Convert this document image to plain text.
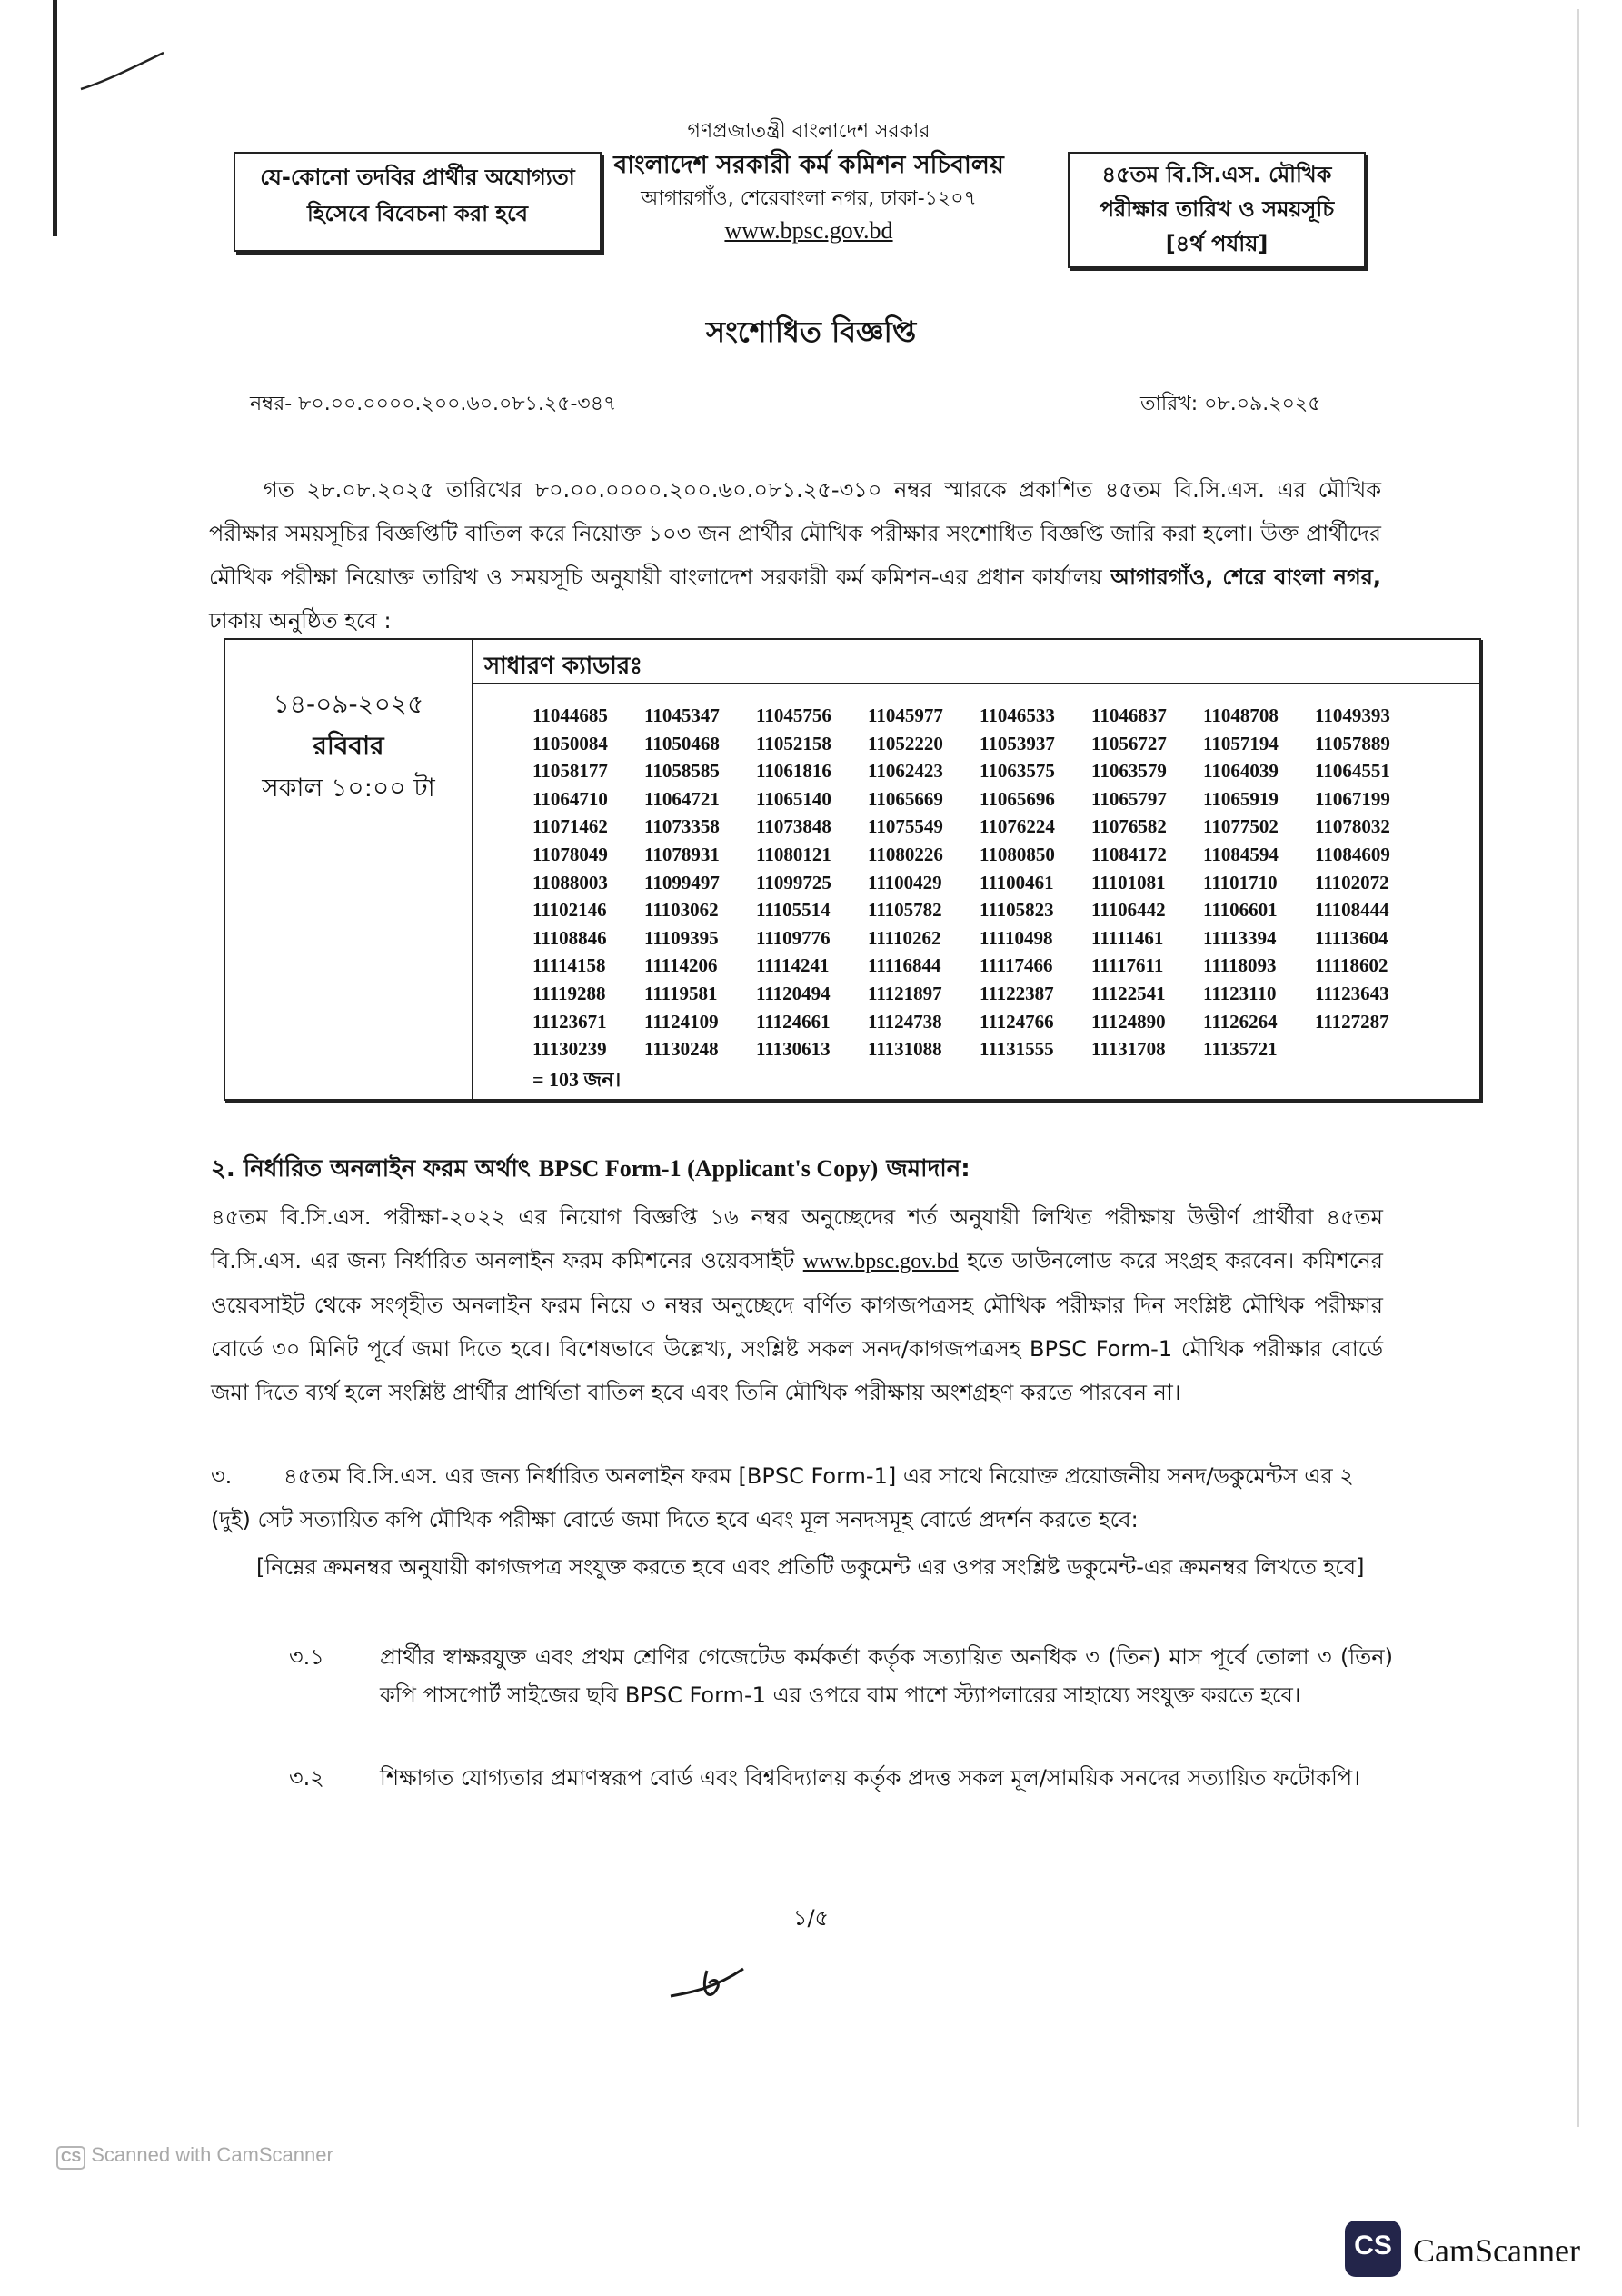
যে-কোনো তদবির প্রার্থীর অযোগ্যতা
হিসেবে বিবেচনা করা হবে
গণপ্রজাতন্ত্রী বাংলাদেশ সরকার
বাংলাদেশ সরকারী কর্ম কমিশন সচিবালয়
আগারগাঁও, শেরেবাংলা নগর, ঢাকা-১২০৭
www.bpsc.gov.bd
৪৫তম বি.সি.এস. মৌখিক
পরীক্ষার তারিখ ও সময়সূচি
[৪র্থ পর্যায়]
সংশোধিত বিজ্ঞপ্তি
নম্বর- ৮০.০০.০০০০.২০০.৬০.০৮১.২৫-৩৪৭	তারিখ: ০৮.০৯.২০২৫
গত ২৮.০৮.২০২৫ তারিখের ৮০.০০.০০০০.২০০.৬০.০৮১.২৫-৩১০ নম্বর স্মারকে প্রকাশিত ৪৫তম বি.সি.এস. এর মৌখিক পরীক্ষার সময়সূচির বিজ্ঞপ্তিটি বাতিল করে নিয়োক্ত ১০৩ জন প্রার্থীর মৌখিক পরীক্ষার সংশোধিত বিজ্ঞপ্তি জারি করা হলো। উক্ত প্রার্থীদের মৌখিক পরীক্ষা নিয়োক্ত তারিখ ও সময়সূচি অনুযায়ী বাংলাদেশ সরকারী কর্ম কমিশন-এর প্রধান কার্যালয় আগারগাঁও, শেরে বাংলা নগর, ঢাকায় অনুষ্ঠিত হবে :
সাধারণ ক্যাডারঃ
১৪-০৯-২০২৫
রবিবার
সকাল ১০:০০ টা
11044685	11045347	11045756	11045977	11046533	11046837	11048708	11049393
11050084	11050468	11052158	11052220	11053937	11056727	11057194	11057889
11058177	11058585	11061816	11062423	11063575	11063579	11064039	11064551
11064710	11064721	11065140	11065669	11065696	11065797	11065919	11067199
11071462	11073358	11073848	11075549	11076224	11076582	11077502	11078032
11078049	11078931	11080121	11080226	11080850	11084172	11084594	11084609
11088003	11099497	11099725	11100429	11100461	11101081	11101710	11102072
11102146	11103062	11105514	11105782	11105823	11106442	11106601	11108444
11108846	11109395	11109776	11110262	11110498	11111461	11113394	11113604
11114158	11114206	11114241	11116844	11117466	11117611	11118093	11118602
11119288	11119581	11120494	11121897	11122387	11122541	11123110	11123643
11123671	11124109	11124661	11124738	11124766	11124890	11126264	11127287
11130239	11130248	11130613	11131088	11131555	11131708	11135721
= 103 জন।
২. নির্ধারিত অনলাইন ফরম অর্থাৎ BPSC Form-1 (Applicant's Copy) জমাদান:
৪৫তম বি.সি.এস. পরীক্ষা-২০২২ এর নিয়োগ বিজ্ঞপ্তি ১৬ নম্বর অনুচ্ছেদের শর্ত অনুযায়ী লিখিত পরীক্ষায় উত্তীর্ণ প্রার্থীরা ৪৫তম বি.সি.এস. এর জন্য নির্ধারিত অনলাইন ফরম কমিশনের ওয়েবসাইট www.bpsc.gov.bd হতে ডাউনলোড করে সংগ্রহ করবেন। কমিশনের ওয়েবসাইট থেকে সংগৃহীত অনলাইন ফরম নিয়ে ৩ নম্বর অনুচ্ছেদে বর্ণিত কাগজপত্রসহ মৌখিক পরীক্ষার দিন সংশ্লিষ্ট মৌখিক পরীক্ষার বোর্ডে ৩০ মিনিট পূর্বে জমা দিতে হবে। বিশেষভাবে উল্লেখ্য, সংশ্লিষ্ট সকল সনদ/কাগজপত্রসহ BPSC Form-1 মৌখিক পরীক্ষার বোর্ডে জমা দিতে ব্যর্থ হলে সংশ্লিষ্ট প্রার্থীর প্রার্থিতা বাতিল হবে এবং তিনি মৌখিক পরীক্ষায় অংশগ্রহণ করতে পারবেন না।
৩. ৪৫তম বি.সি.এস. এর জন্য নির্ধারিত অনলাইন ফরম [BPSC Form-1] এর সাথে নিয়োক্ত প্রয়োজনীয় সনদ/ডকুমেন্টস এর ২ (দুই) সেট সত্যায়িত কপি মৌখিক পরীক্ষা বোর্ডে জমা দিতে হবে এবং মূল সনদসমূহ বোর্ডে প্রদর্শন করতে হবে:
[নিম্নের ক্রমনম্বর অনুযায়ী কাগজপত্র সংযুক্ত করতে হবে এবং প্রতিটি ডকুমেন্ট এর ওপর সংশ্লিষ্ট ডকুমেন্ট-এর ক্রমনম্বর লিখতে হবে]
৩.১	প্রার্থীর স্বাক্ষরযুক্ত এবং প্রথম শ্রেণির গেজেটেড কর্মকর্তা কর্তৃক সত্যায়িত অনধিক ৩ (তিন) মাস পূর্বে তোলা ৩ (তিন) কপি পাসপোর্ট সাইজের ছবি BPSC Form-1 এর ওপরে বাম পাশে স্ট্যাপলারের সাহায্যে সংযুক্ত করতে হবে।
৩.২	শিক্ষাগত যোগ্যতার প্রমাণস্বরূপ বোর্ড এবং বিশ্ববিদ্যালয় কর্তৃক প্রদত্ত সকল মূল/সাময়িক সনদের সত্যায়িত ফটোকপি।
১/৫
CS Scanned with CamScanner
CS CamScanner
